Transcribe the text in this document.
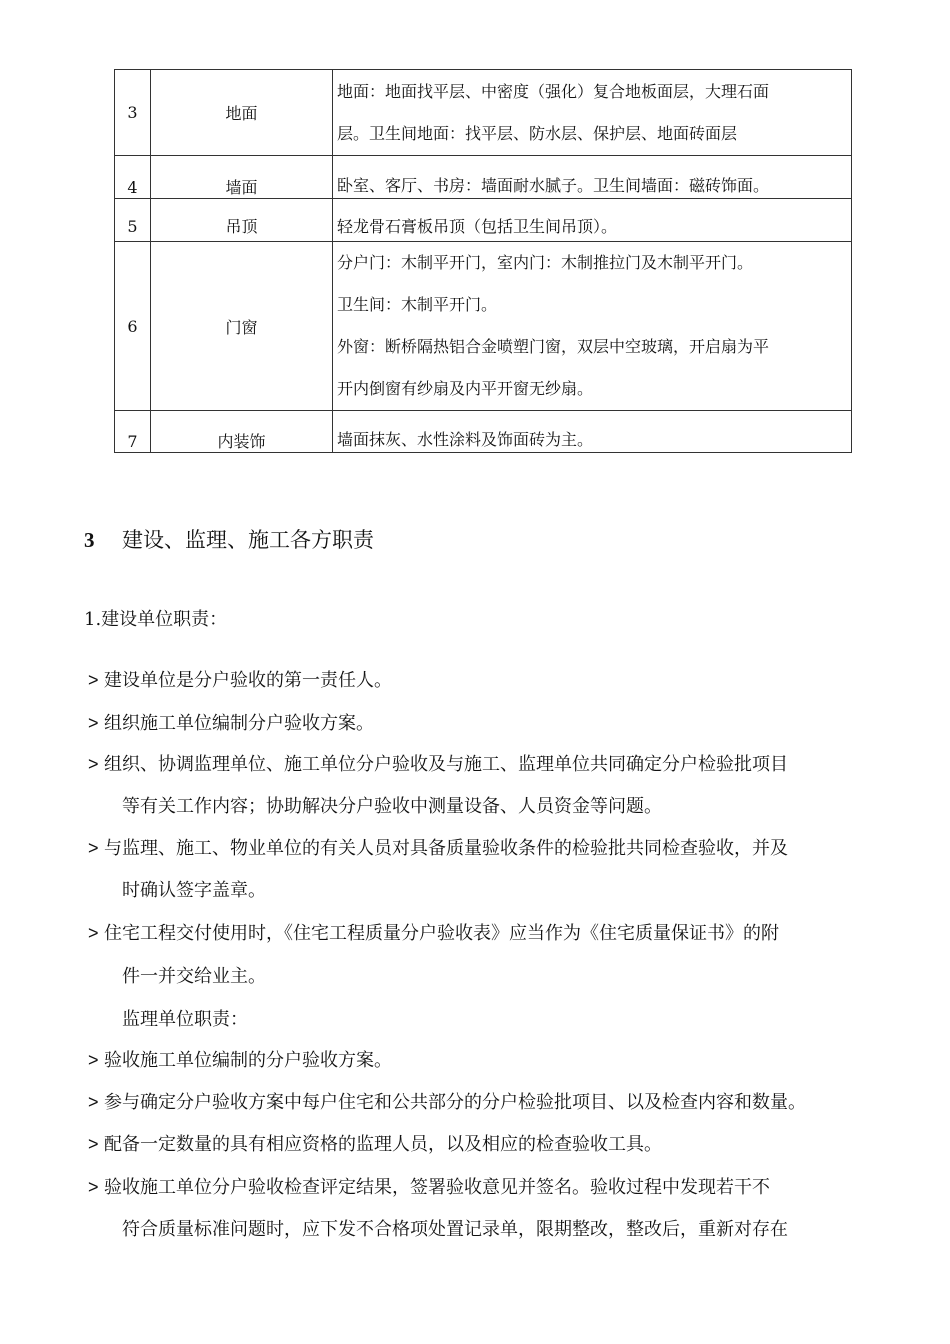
3	地面	地面：地面找平层、中密度（强化）复合地板面层，大理石面
层。卫生间地面：找平层、防水层、保护层、地面砖面层

4	墙面	卧室、客厅、书房：墙面耐水腻子。卫生间墙面：磁砖饰面。

5	吊顶	轻龙骨石膏板吊顶（包括卫生间吊顶）。

6	门窗	分户门：木制平开门，室内门：木制推拉门及木制平开门。
卫生间：木制平开门。
外窗：断桥隔热铝合金喷塑门窗，双层中空玻璃，开启扇为平
开内倒窗有纱扇及内平开窗无纱扇。

7	内装饰	墙面抹灰、水性涂料及饰面砖为主。
3 建设、监理、施工各方职责
1.建设单位职责：
> 建设单位是分户验收的第一责任人。
> 组织施工单位编制分户验收方案。
> 组织、协调监理单位、施工单位分户验收及与施工、监理单位共同确定分户检验批项目
等有关工作内容；协助解决分户验收中测量设备、人员资金等问题。
> 与监理、施工、物业单位的有关人员对具备质量验收条件的检验批共同检查验收，并及
时确认签字盖章。
> 住宅工程交付使用时，《住宅工程质量分户验收表》应当作为《住宅质量保证书》的附
件一并交给业主。
监理单位职责：
> 验收施工单位编制的分户验收方案。
> 参与确定分户验收方案中每户住宅和公共部分的分户检验批项目、以及检查内容和数量。
> 配备一定数量的具有相应资格的监理人员，以及相应的检查验收工具。
> 验收施工单位分户验收检查评定结果，签署验收意见并签名。验收过程中发现若干不
符合质量标准问题时，应下发不合格项处置记录单，限期整改，整改后，重新对存在
